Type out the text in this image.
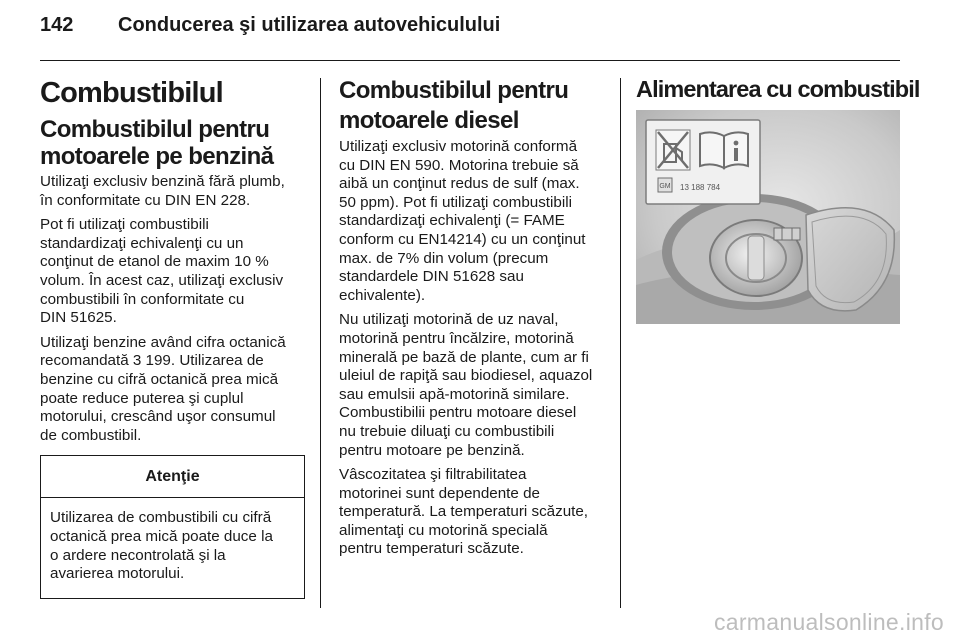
142	Conducerea şi utilizarea autovehiculului
Combustibilul
Combustibilul pentru
motoarele pe benzină

Utilizaţi exclusiv benzină fără plumb,
în conformitate cu DIN EN 228.

Pot fi utilizaţi combustibili
standardizaţi echivalenţi cu un
conţinut de etanol de maxim 10 %
volum. În acest caz, utilizaţi exclusiv
combustibili în conformitate cu
DIN 51625.

Utilizaţi benzine având cifra octanică
recomandată 3 199. Utilizarea de
benzine cu cifră octanică prea mică
poate reduce puterea şi cuplul
motorului, crescând uşor consumul
de combustibil.

Atenţie

Utilizarea de combustibili cu cifră
octanică prea mică poate duce la
o ardere necontrolată şi la
avarierea motorului.

Combustibilul pentru
motoarele diesel

Utilizaţi exclusiv motorină conformă
cu DIN EN 590. Motorina trebuie să
aibă un conţinut redus de sulf (max.
50 ppm). Pot fi utilizaţi combustibili
standardizaţi echivalenţi (= FAME
conform cu EN14214) cu un conţinut
max. de 7% din volum (precum
standardele DIN 51628 sau
echivalente).

Nu utilizaţi motorină de uz naval,
motorină pentru încălzire, motorină
minerală pe bază de plante, cum ar fi
uleiul de rapiţă sau biodiesel, aquazol
sau emulsii apă-motorină similare.
Combustibilii pentru motoare diesel
nu trebuie diluaţi cu combustibili
pentru motoare pe benzină.

Vâscozitatea şi filtrabilitatea
motorinei sunt dependente de
temperatură. La temperaturi scăzute,
alimentaţi cu motorină specială
pentru temperaturi scăzute.

Alimentarea cu combustibil
GM 13 188 784
carmanualsonline.info
